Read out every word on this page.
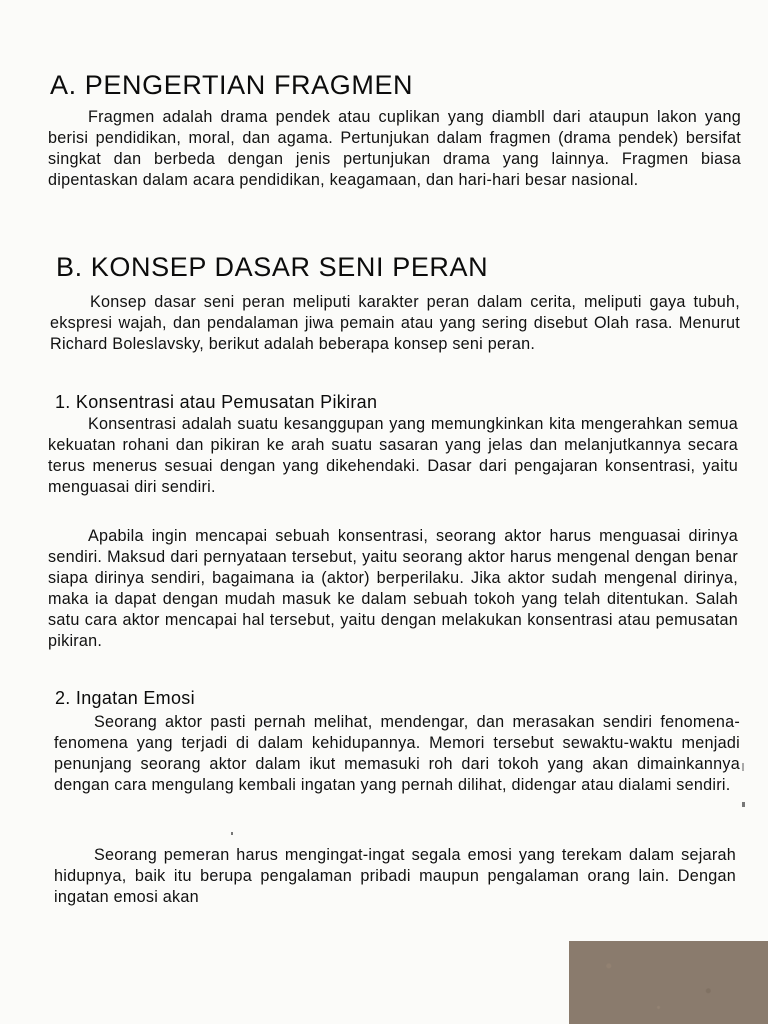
A. PENGERTIAN FRAGMEN

Fragmen adalah drama pendek atau cuplikan yang diambll dari ataupun lakon yang berisi pendidikan, moral, dan agama. Pertunjukan dalam fragmen (drama pendek) bersifat singkat dan berbeda dengan jenis pertunjukan drama yang lainnya. Fragmen biasa dipentaskan dalam acara pendidikan, keagamaan, dan hari-hari besar nasional.

B. KONSEP DASAR SENI PERAN

Konsep dasar seni peran meliputi karakter peran dalam cerita, meliputi gaya tubuh, ekspresi wajah, dan pendalaman jiwa pemain atau yang sering disebut Olah rasa. Menurut Richard Boleslavsky, berikut adalah beberapa konsep seni peran.

1. Konsentrasi atau Pemusatan Pikiran

Konsentrasi adalah suatu kesanggupan yang memungkinkan kita mengerahkan semua kekuatan rohani dan pikiran ke arah suatu sasaran yang jelas dan melanjutkannya secara terus menerus sesuai dengan yang dikehendaki. Dasar dari pengajaran konsentrasi, yaitu menguasai diri sendiri.

Apabila ingin mencapai sebuah konsentrasi, seorang aktor harus menguasai dirinya sendiri. Maksud dari pernyataan tersebut, yaitu seorang aktor harus mengenal dengan benar siapa dirinya sendiri, bagaimana ia (aktor) berperilaku. Jika aktor sudah mengenal dirinya, maka ia dapat dengan mudah masuk ke dalam sebuah tokoh yang telah ditentukan. Salah satu cara aktor mencapai hal tersebut, yaitu dengan melakukan konsentrasi atau pemusatan pikiran.

2. Ingatan Emosi

Seorang aktor pasti pernah melihat, mendengar, dan merasakan sendiri fenomena-fenomena yang terjadi di dalam kehidupannya. Memori tersebut sewaktu-waktu menjadi penunjang seorang aktor dalam ikut memasuki roh dari tokoh yang akan dimainkannya dengan cara mengulang kembali ingatan yang pernah dilihat, didengar atau dialami sendiri.

Seorang pemeran harus mengingat-ingat segala emosi yang terekam dalam sejarah hidupnya, baik itu berupa pengalaman pribadi maupun pengalaman orang lain. Dengan ingatan emosi akan
